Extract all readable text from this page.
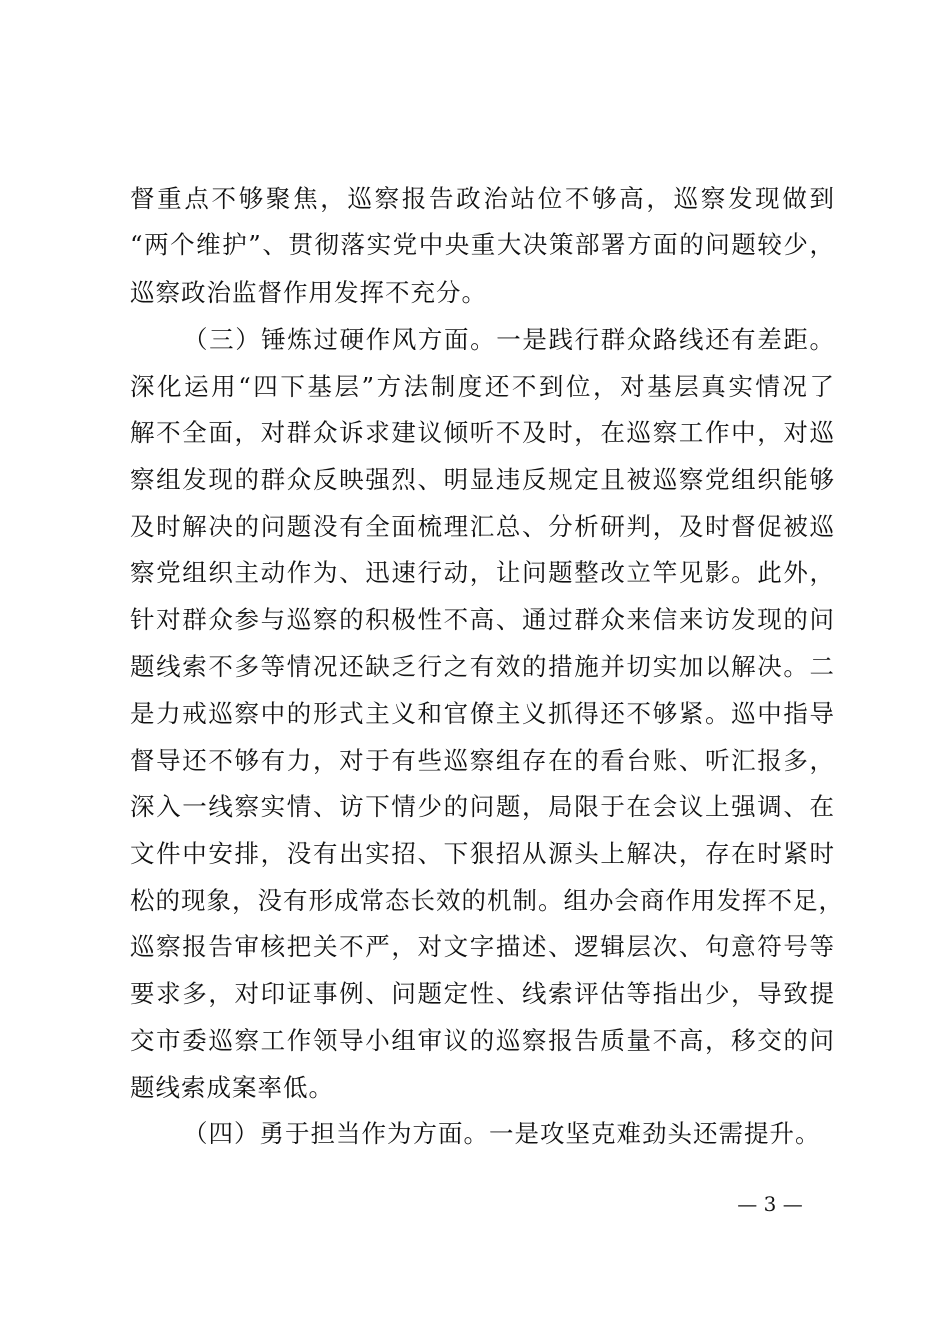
督重点不够聚焦，巡察报告政治站位不够高，巡察发现做到
“两个维护”、贯彻落实党中央重大决策部署方面的问题较少，
巡察政治监督作用发挥不充分。
（三）锤炼过硬作风方面。一是践行群众路线还有差距。
深化运用“四下基层”方法制度还不到位，对基层真实情况了
解不全面，对群众诉求建议倾听不及时，在巡察工作中，对巡
察组发现的群众反映强烈、明显违反规定且被巡察党组织能够
及时解决的问题没有全面梳理汇总、分析研判，及时督促被巡
察党组织主动作为、迅速行动，让问题整改立竿见影。此外，
针对群众参与巡察的积极性不高、通过群众来信来访发现的问
题线索不多等情况还缺乏行之有效的措施并切实加以解决。二
是力戒巡察中的形式主义和官僚主义抓得还不够紧。巡中指导
督导还不够有力，对于有些巡察组存在的看台账、听汇报多，
深入一线察实情、访下情少的问题，局限于在会议上强调、在
文件中安排，没有出实招、下狠招从源头上解决，存在时紧时
松的现象，没有形成常态长效的机制。组办会商作用发挥不足，
巡察报告审核把关不严，对文字描述、逻辑层次、句意符号等
要求多，对印证事例、问题定性、线索评估等指出少，导致提
交市委巡察工作领导小组审议的巡察报告质量不高，移交的问
题线索成案率低。
（四）勇于担当作为方面。一是攻坚克难劲头还需提升。
— 3 —
